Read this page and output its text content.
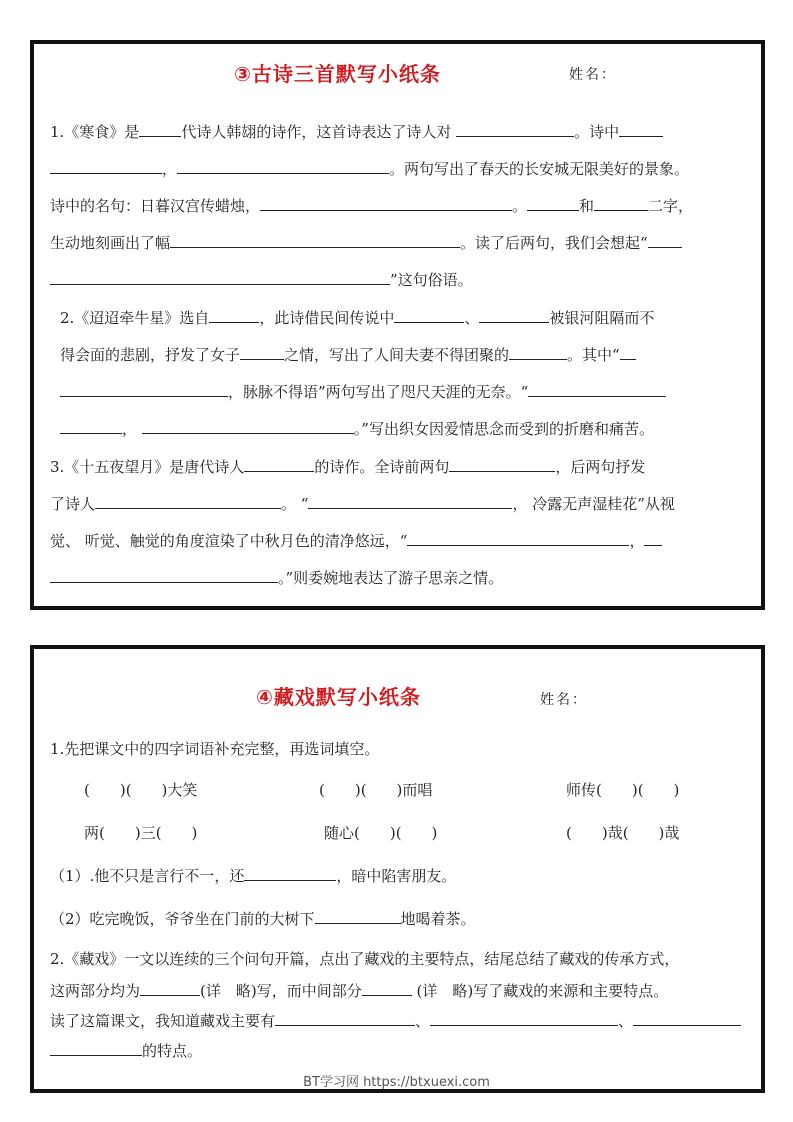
③古诗三首默写小纸条	姓名：
1.《寒食》是	代诗人韩翃的诗作，这首诗表达了诗人对	。诗中
，	。两句写出了春天的长安城无限美好的景象。
诗中的名句：日暮汉宫传蜡烛，	。	和	二字，
生动地刻画出了幅	。读了后两句，我们会想起“
”这句俗语。
2.《迢迢牵牛星》选自	，此诗借民间传说中	、	被银河阻隔而不
得会面的悲剧，抒发了女子	之情，写出了人间夫妻不得团聚的	。其中“
，脉脉不得语”两句写出了咫尺天涯的无奈。“
，	。”写出织女因爱情思念而受到的折磨和痛苦。
3.《十五夜望月》是唐代诗人	的诗作。全诗前两句	，后两句抒发
了诗人	。 “	， 冷露无声湿桂花”从视
觉、 听觉、触觉的角度渲染了中秋月色的清净悠远，“	，
。”则委婉地表达了游子思亲之情。
④藏戏默写小纸条	姓名：
1.先把课文中的四字词语补充完整，再选词填空。
(　　)(　　)大笑	(　　)(　　)而唱	师传(　　)(　　)
两(　　)三(　　)	随心(　　)(　　)	(　　)哉(　　)哉
（1）.他不只是言行不一，还	，暗中陷害朋友。
（2）吃完晚饭，爷爷坐在门前的大树下	地喝着茶。
2.《藏戏》一文以连续的三个问句开篇，点出了藏戏的主要特点，结尾总结了藏戏的传承方式，
这两部分均为	(详　略)写，而中间部分	(详　略)写了藏戏的来源和主要特点。
读了这篇课文，我知道藏戏主要有	、	、
的特点。
BT学习网 https://btxuexi.com
